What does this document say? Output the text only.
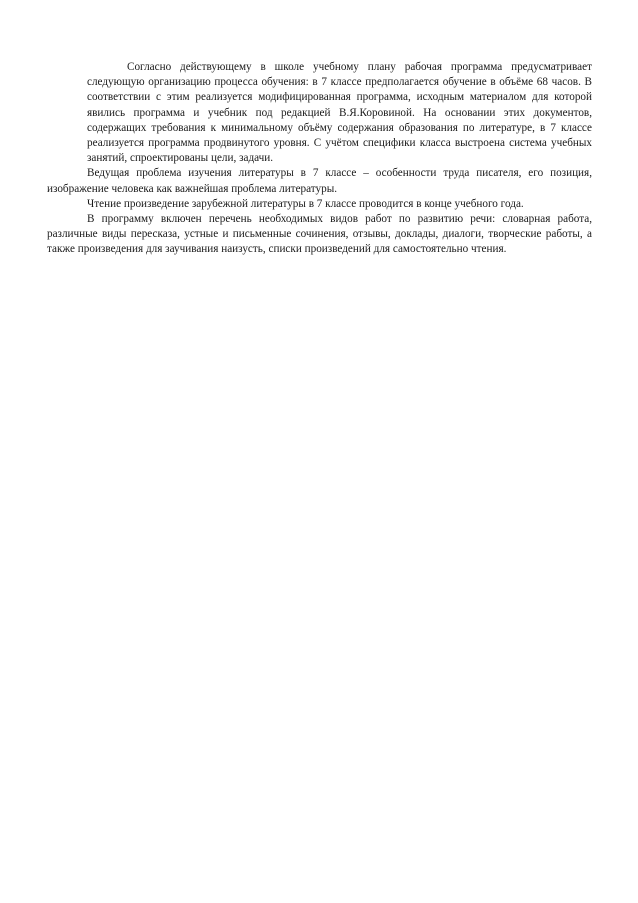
Согласно действующему в школе учебному плану рабочая программа предусматривает следующую организацию процесса обучения: в 7 классе предполагается обучение в объёме 68 часов. В соответствии с этим реализуется модифицированная программа, исходным материалом для которой явились программа и учебник под редакцией В.Я.Коровиной. На основании этих документов, содержащих требования к минимальному объёму содержания образования по литературе, в 7 классе реализуется программа продвинутого уровня. С учётом специфики класса выстроена система учебных занятий, спроектированы цели, задачи.

Ведущая проблема изучения литературы в 7 классе – особенности труда писателя, его позиция, изображение человека как важнейшая проблема литературы.

Чтение произведение зарубежной литературы в 7 классе проводится в конце учебного года.

В программу включен перечень необходимых видов работ по развитию речи: словарная работа, различные виды пересказа, устные и письменные сочинения, отзывы, доклады, диалоги, творческие работы, а также произведения для заучивания наизусть, списки произведений для самостоятельно чтения.
